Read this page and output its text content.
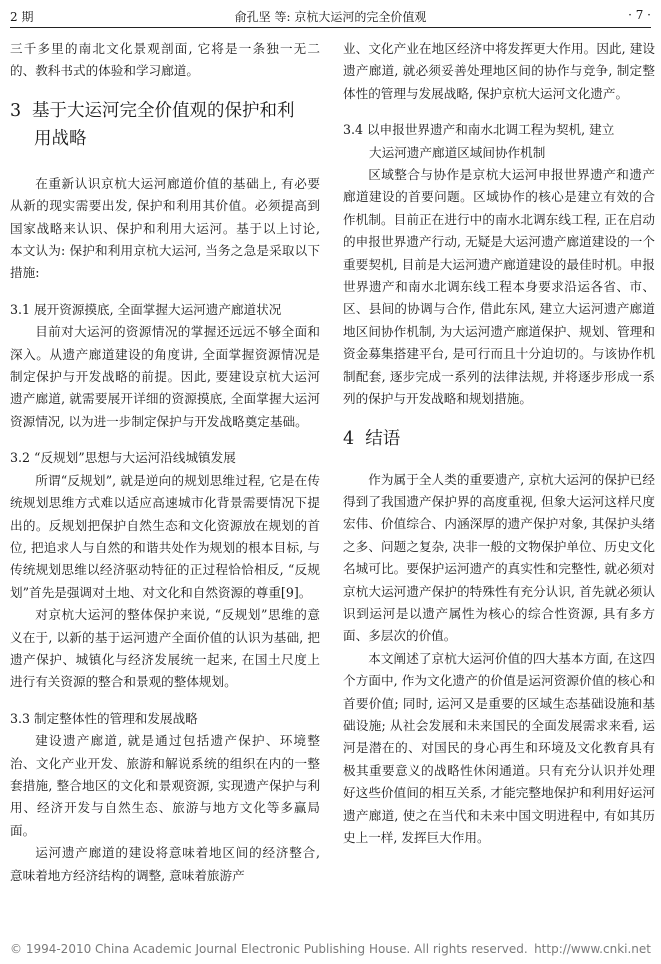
2 期	俞孔坚 等: 京杭大运河的完全价值观	· 7 ·

三千多里的南北文化景观剖面, 它将是一条独一无二的、教科书式的体验和学习廊道。

3 基于大运河完全价值观的保护和利
用战略

在重新认识京杭大运河廊道价值的基础上, 有必要从新的现实需要出发, 保护和利用其价值。必须提高到国家战略来认识、保护和利用大运河。基于以上讨论, 本文认为: 保护和利用京杭大运河, 当务之急是采取以下措施:

3.1 展开资源摸底, 全面掌握大运河遗产廊道状况

目前对大运河的资源情况的掌握还远远不够全面和深入。从遗产廊道建设的角度讲, 全面掌握资源情况是制定保护与开发战略的前提。因此, 要建设京杭大运河遗产廊道, 就需要展开详细的资源摸底, 全面掌握大运河资源情况, 以为进一步制定保护与开发战略奠定基础。

3.2 “反规划”思想与大运河沿线城镇发展

所谓“反规划”, 就是逆向的规划思维过程, 它是在传统规划思维方式难以适应高速城市化背景需要情况下提出的。反规划把保护自然生态和文化资源放在规划的首位, 把追求人与自然的和谐共处作为规划的根本目标, 与传统规划思维以经济驱动特征的正过程恰恰相反, “反规划”首先是强调对土地、对文化和自然资源的尊重[9]。

对京杭大运河的整体保护来说, “反规划”思维的意义在于, 以新的基于运河遗产全面价值的认识为基础, 把遗产保护、城镇化与经济发展统一起来, 在国土尺度上进行有关资源的整合和景观的整体规划。

3.3 制定整体性的管理和发展战略

建设遗产廊道, 就是通过包括遗产保护、环境整治、文化产业开发、旅游和解说系统的组织在内的一整套措施, 整合地区的文化和景观资源, 实现遗产保护与利用、经济开发与自然生态、旅游与地方文化等多赢局面。

运河遗产廊道的建设将意味着地区间的经济整合, 意味着地方经济结构的调整, 意味着旅游产

业、文化产业在地区经济中将发挥更大作用。因此, 建设遗产廊道, 就必须妥善处理地区间的协作与竞争, 制定整体性的管理与发展战略, 保护京杭大运河文化遗产。

3.4 以申报世界遗产和南水北调工程为契机, 建立
大运河遗产廊道区域间协作机制

区域整合与协作是京杭大运河申报世界遗产和遗产廊道建设的首要问题。区域协作的核心是建立有效的合作机制。目前正在进行中的南水北调东线工程, 正在启动的申报世界遗产行动, 无疑是大运河遗产廊道建设的一个重要契机, 目前是大运河遗产廊道建设的最佳时机。申报世界遗产和南水北调东线工程本身要求沿运各省、市、区、县间的协调与合作, 借此东风, 建立大运河遗产廊道地区间协作机制, 为大运河遗产廊道保护、规划、管理和资金募集搭建平台, 是可行而且十分迫切的。与该协作机制配套, 逐步完成一系列的法律法规, 并将逐步形成一系列的保护与开发战略和规划措施。

4 结语

作为属于全人类的重要遗产, 京杭大运河的保护已经得到了我国遗产保护界的高度重视, 但象大运河这样尺度宏伟、价值综合、内涵深厚的遗产保护对象, 其保护头绪之多、问题之复杂, 决非一般的文物保护单位、历史文化名城可比。要保护运河遗产的真实性和完整性, 就必须对京杭大运河遗产保护的特殊性有充分认识, 首先就必须认识到运河是以遗产属性为核心的综合性资源, 具有多方面、多层次的价值。

本文阐述了京杭大运河价值的四大基本方面, 在这四个方面中, 作为文化遗产的价值是运河资源价值的核心和首要价值; 同时, 运河又是重要的区域生态基础设施和基础设施; 从社会发展和未来国民的全面发展需求来看, 运河是潜在的、对国民的身心再生和环境及文化教育具有极其重要意义的战略性休闲通道。只有充分认识并处理好这些价值间的相互关系, 才能完整地保护和利用好运河遗产廊道, 使之在当代和未来中国文明进程中, 有如其历史上一样, 发挥巨大作用。

© 1994-2010 China Academic Journal Electronic Publishing House. All rights reserved. http://www.cnki.net
